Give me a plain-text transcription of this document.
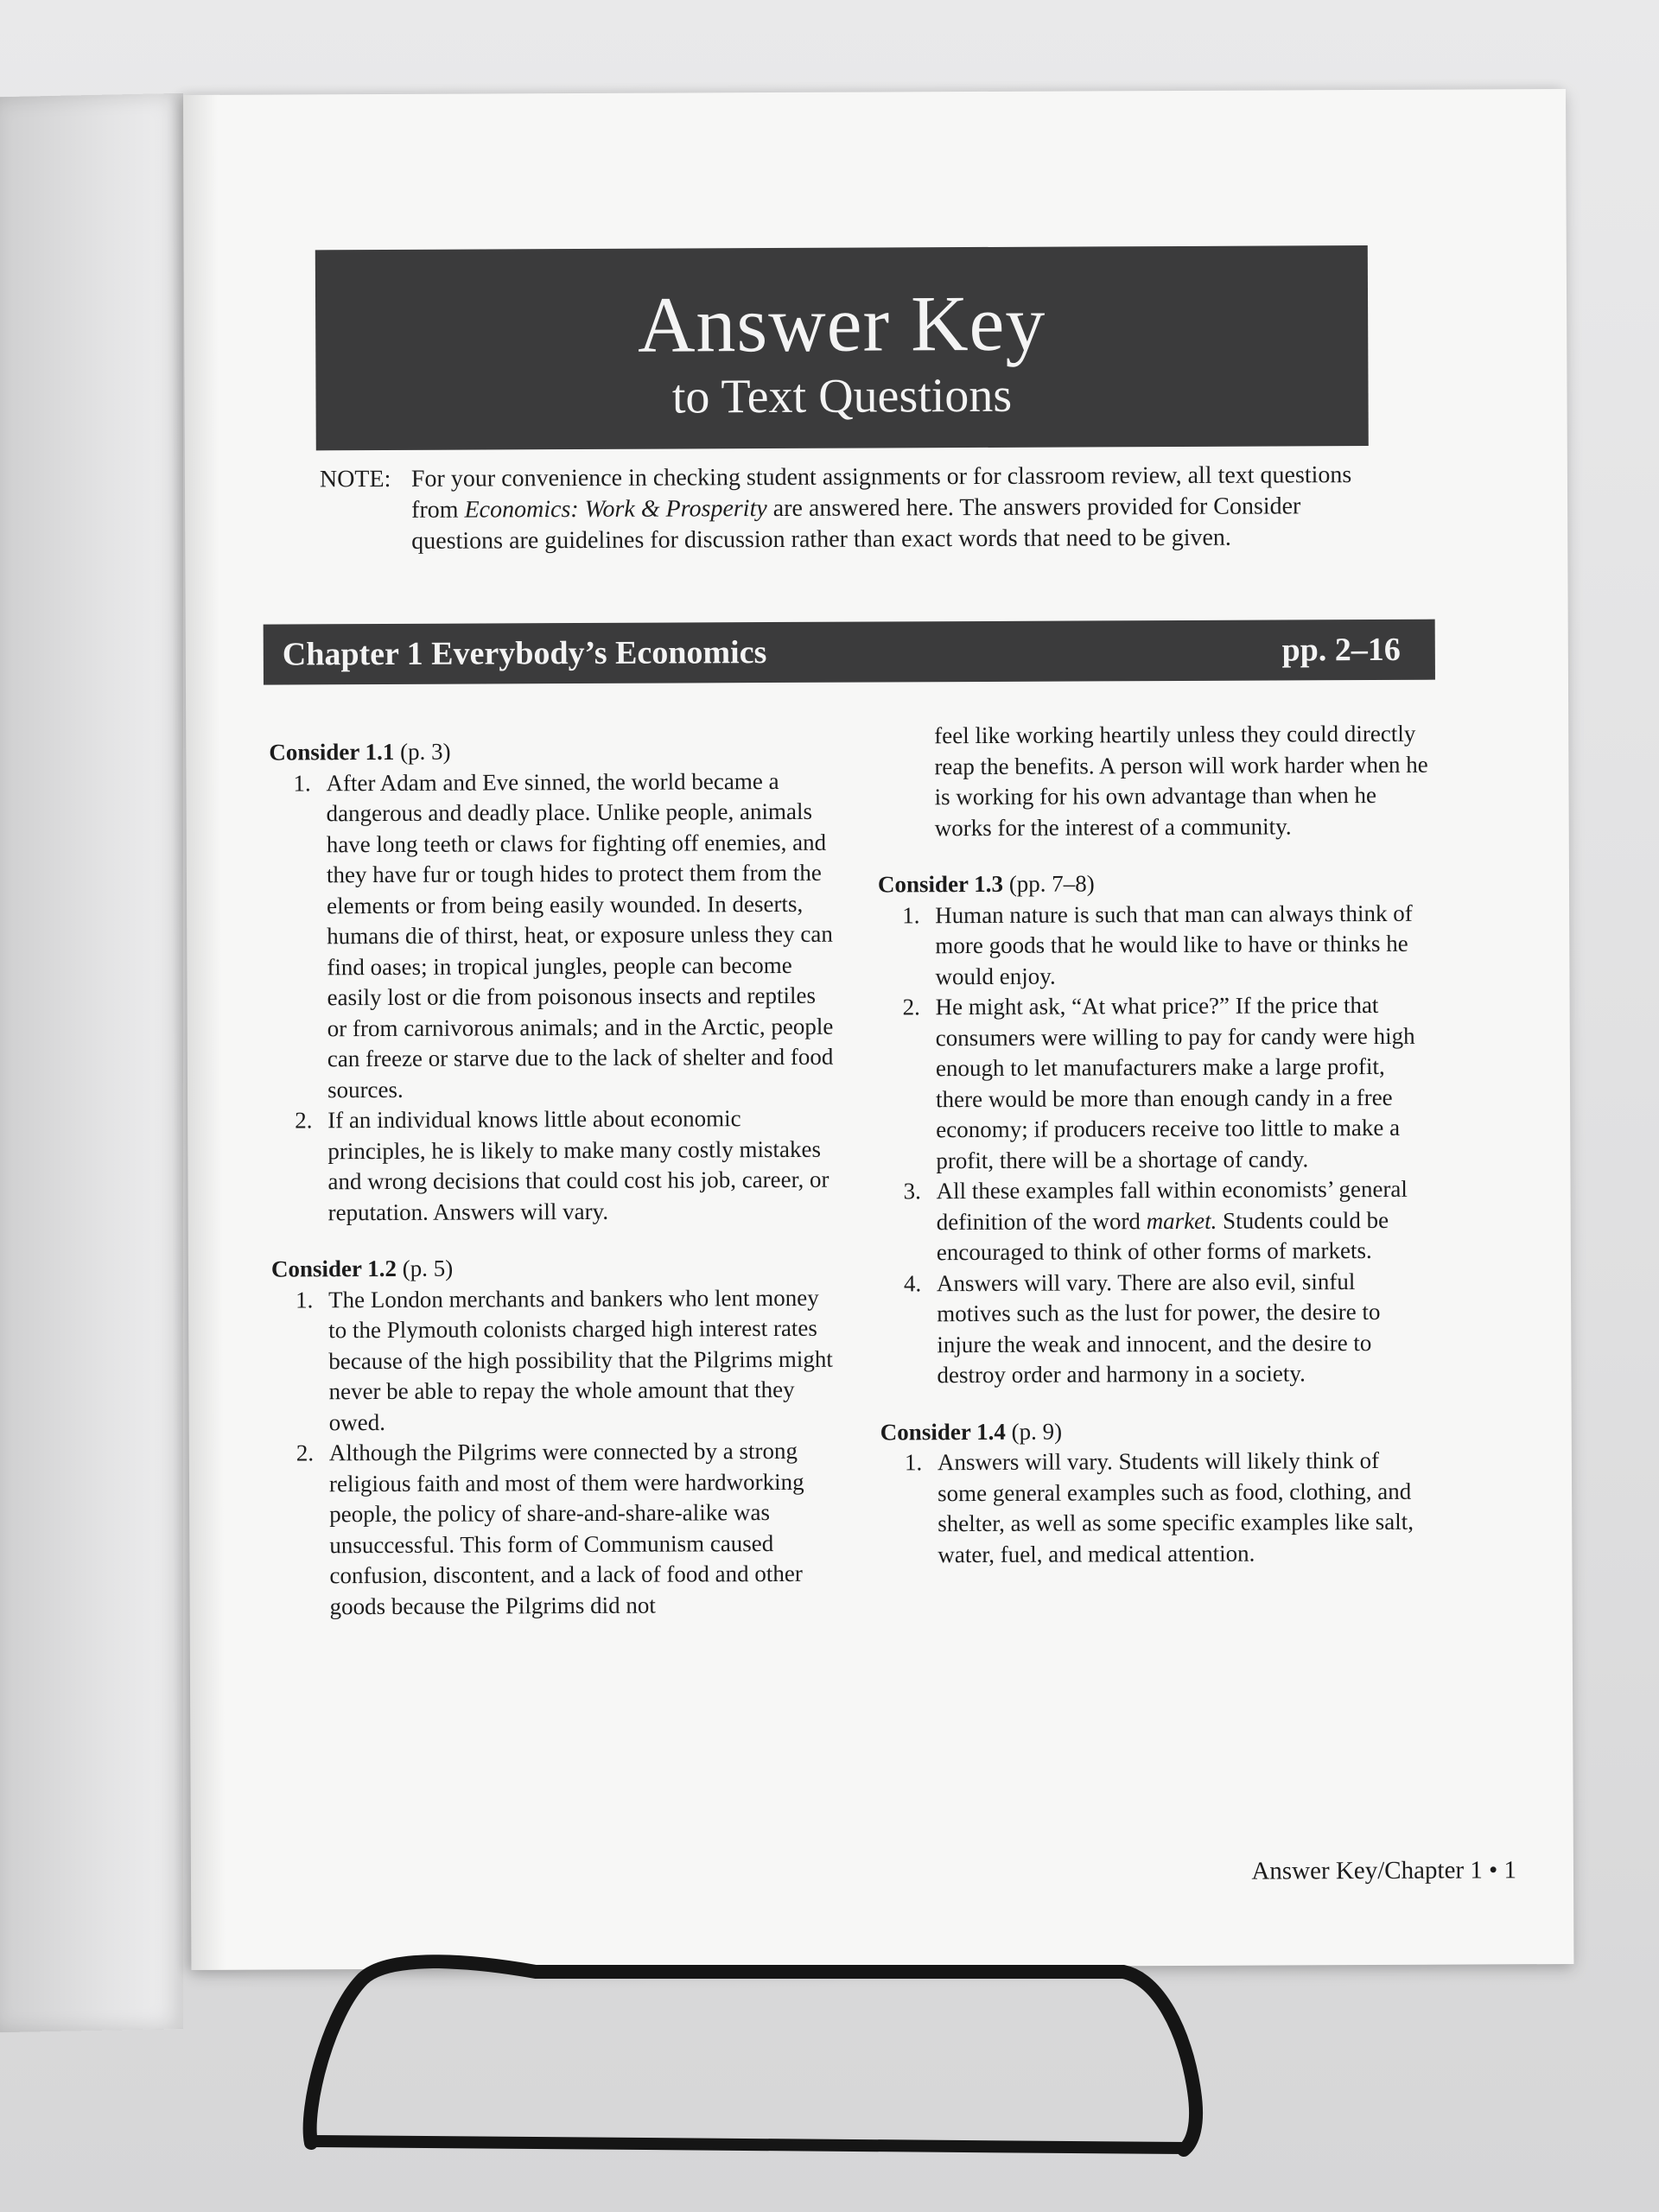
Answer Key
to Text Questions
NOTE: For your convenience in checking student assignments or for classroom review, all text questions from Economics: Work & Prosperity are answered here. The answers provided for Consider questions are guidelines for discussion rather than exact words that need to be given.
Chapter 1 Everybody’s Economics	pp. 2–16

Consider 1.1 (p. 3)

1. After Adam and Eve sinned, the world became a dangerous and deadly place. Unlike people, animals have long teeth or claws for fighting off enemies, and they have fur or tough hides to protect them from the elements or from being easily wounded. In deserts, humans die of thirst, heat, or exposure unless they can find oases; in tropical jungles, people can become easily lost or die from poisonous insects and reptiles or from carnivorous animals; and in the Arctic, people can freeze or starve due to the lack of shelter and food sources.
2. If an individual knows little about economic principles, he is likely to make many costly mistakes and wrong decisions that could cost his job, career, or reputation. Answers will vary.

Consider 1.2 (p. 5)

1. The London merchants and bankers who lent money to the Plymouth colonists charged high interest rates because of the high possibility that the Pilgrims might never be able to repay the whole amount that they owed.
2. Although the Pilgrims were connected by a strong religious faith and most of them were hardworking people, the policy of share-and-share-alike was unsuccessful. This form of Communism caused confusion, discontent, and a lack of food and other goods because the Pilgrims did not
feel like working heartily unless they could directly reap the benefits. A person will work harder when he is working for his own advantage than when he works for the interest of a community.

Consider 1.3 (pp. 7–8)

1. Human nature is such that man can always think of more goods that he would like to have or thinks he would enjoy.
2. He might ask, “At what price?” If the price that consumers were willing to pay for candy were high enough to let manufacturers make a large profit, there would be more than enough candy in a free economy; if producers receive too little to make a profit, there will be a shortage of candy.
3. All these examples fall within economists’ general definition of the word market. Students could be encouraged to think of other forms of markets.
4. Answers will vary. There are also evil, sinful motives such as the lust for power, the desire to injure the weak and innocent, and the desire to destroy order and harmony in a society.

Consider 1.4 (p. 9)

1. Answers will vary. Students will likely think of some general examples such as food, clothing, and shelter, as well as some specific examples like salt, water, fuel, and medical attention.
Answer Key/Chapter 1 • 1
